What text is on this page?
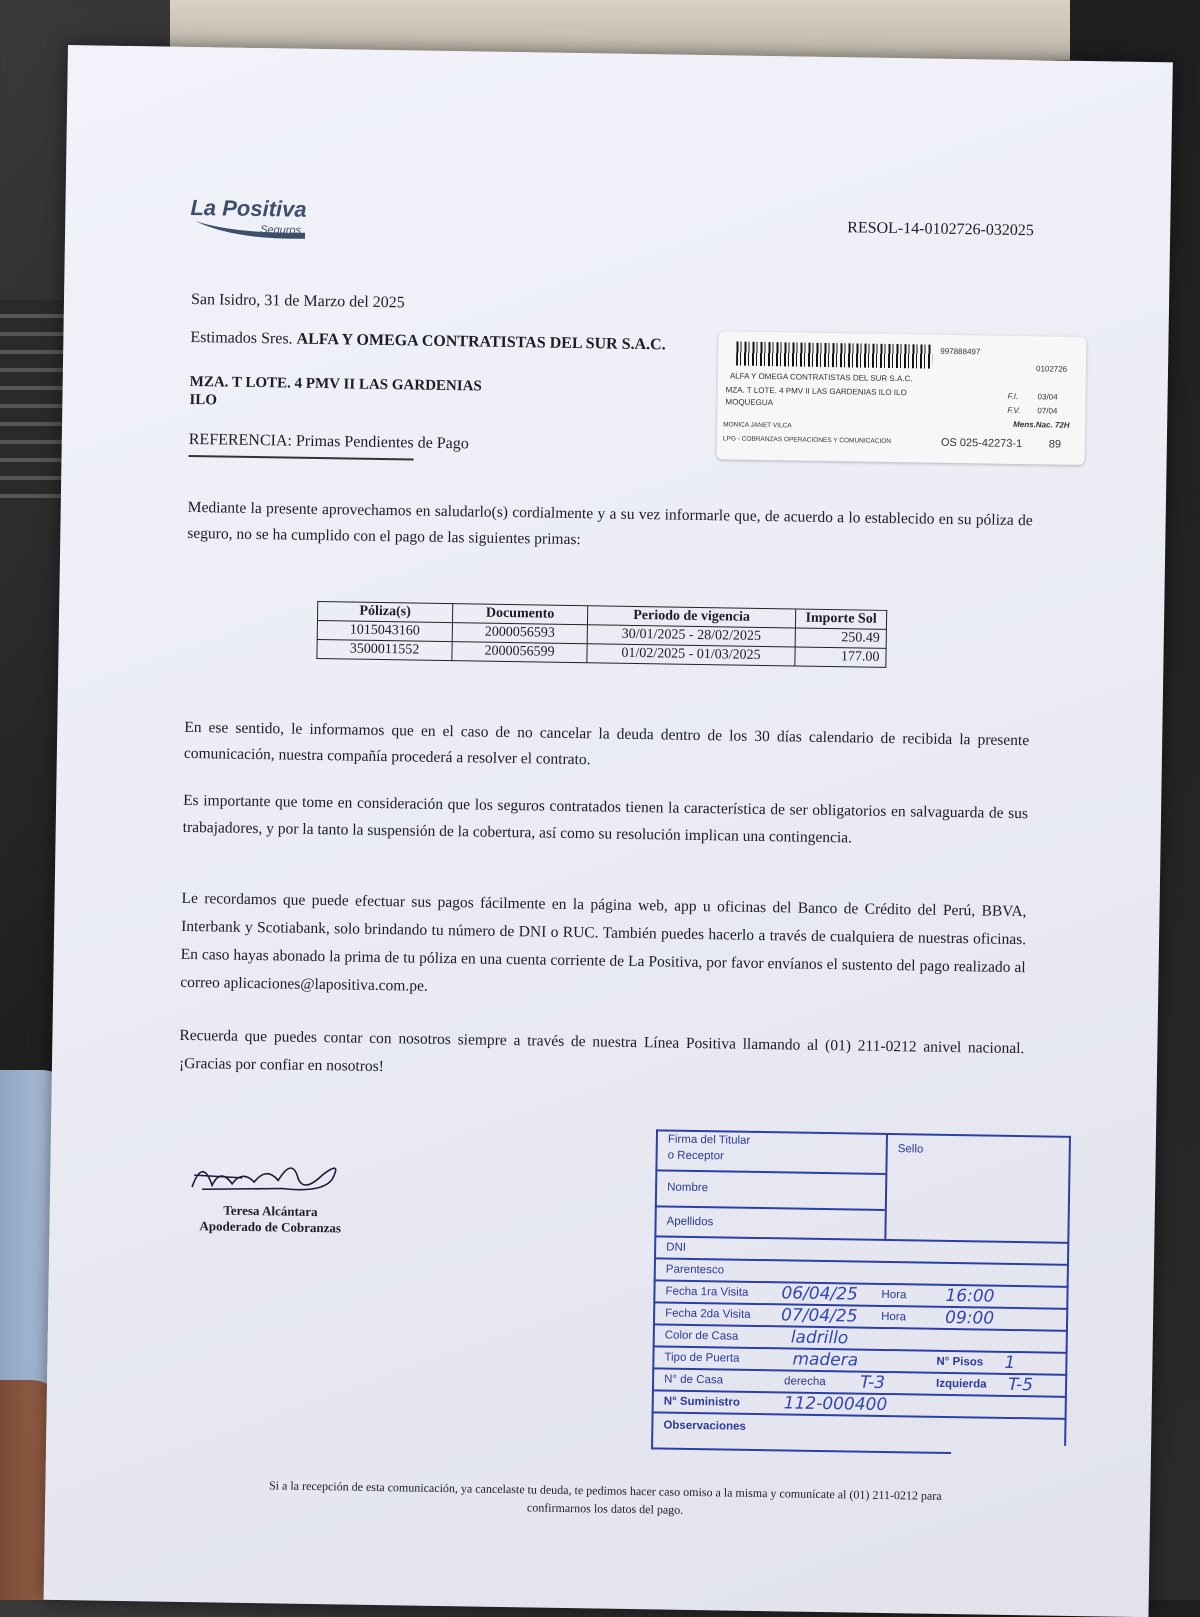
La Positiva
Seguros	RESOL-14-0102726-032025
San Isidro, 31 de Marzo del 2025
Estimados Sres. ALFA Y OMEGA CONTRATISTAS DEL SUR S.A.C.
MZA. T LOTE. 4 PMV II LAS GARDENIAS
ILO
REFERENCIA: Primas Pendientes de Pago
997888497
0102726
ALFA Y OMEGA CONTRATISTAS DEL SUR S.A.C.
MZA. T LOTE. 4 PMV II LAS GARDENIAS ILO ILO
MOQUEGUA
F.I. 03/04
F.V. 07/04
Mens.Nac. 72H
MONICA JANET VILCA
LPG - COBRANZAS OPERACIONES Y COMUNICACION	OS 025-42273-1 89
Mediante la presente aprovechamos en saludarlo(s) cordialmente y a su vez informarle que, de acuerdo a lo establecido en su póliza de seguro, no se ha cumplido con el pago de las siguientes primas:
Póliza(s)	Documento	Periodo de vigencia	Importe Sol
1015043160	2000056593	30/01/2025 - 28/02/2025	250.49
3500011552	2000056599	01/02/2025 - 01/03/2025	177.00
En ese sentido, le informamos que en el caso de no cancelar la deuda dentro de los 30 días calendario de recibida la presente comunicación, nuestra compañía procederá a resolver el contrato.
Es importante que tome en consideración que los seguros contratados tienen la característica de ser obligatorios en salvaguarda de sus trabajadores, y por la tanto la suspensión de la cobertura, así como su resolución implican una contingencia.
Le recordamos que puede efectuar sus pagos fácilmente en la página web, app u oficinas del Banco de Crédito del Perú, BBVA, Interbank y Scotiabank, solo brindando tu número de DNI o RUC. También puedes hacerlo a través de cualquiera de nuestras oficinas. En caso hayas abonado la prima de tu póliza en una cuenta corriente de La Positiva, por favor envíanos el sustento del pago realizado al correo aplicaciones@lapositiva.com.pe.
Recuerda que puedes contar con nosotros siempre a través de nuestra Línea Positiva llamando al (01) 211-0212 anivel nacional. ¡Gracias por confiar en nosotros!
Teresa Alcántara
Apoderado de Cobranzas
Firma del Titular
o Receptor
Sello
Nombre
Apellidos
DNI
Parentesco
Fecha 1ra Visita 06/04/25 Hora 16:00
Fecha 2da Visita 07/04/25 Hora 09:00
Color de Casa	ladrillo
Tipo de Puerta	madera	N° Pisos 1
N° de Casa	derecha T-3	Izquierda T-5
N° Suministro	112-000400
Observaciones
Si a la recepción de esta comunicación, ya cancelaste tu deuda, te pedimos hacer caso omiso a la misma y comunícate al (01) 211-0212 para confirmarnos los datos del pago.
